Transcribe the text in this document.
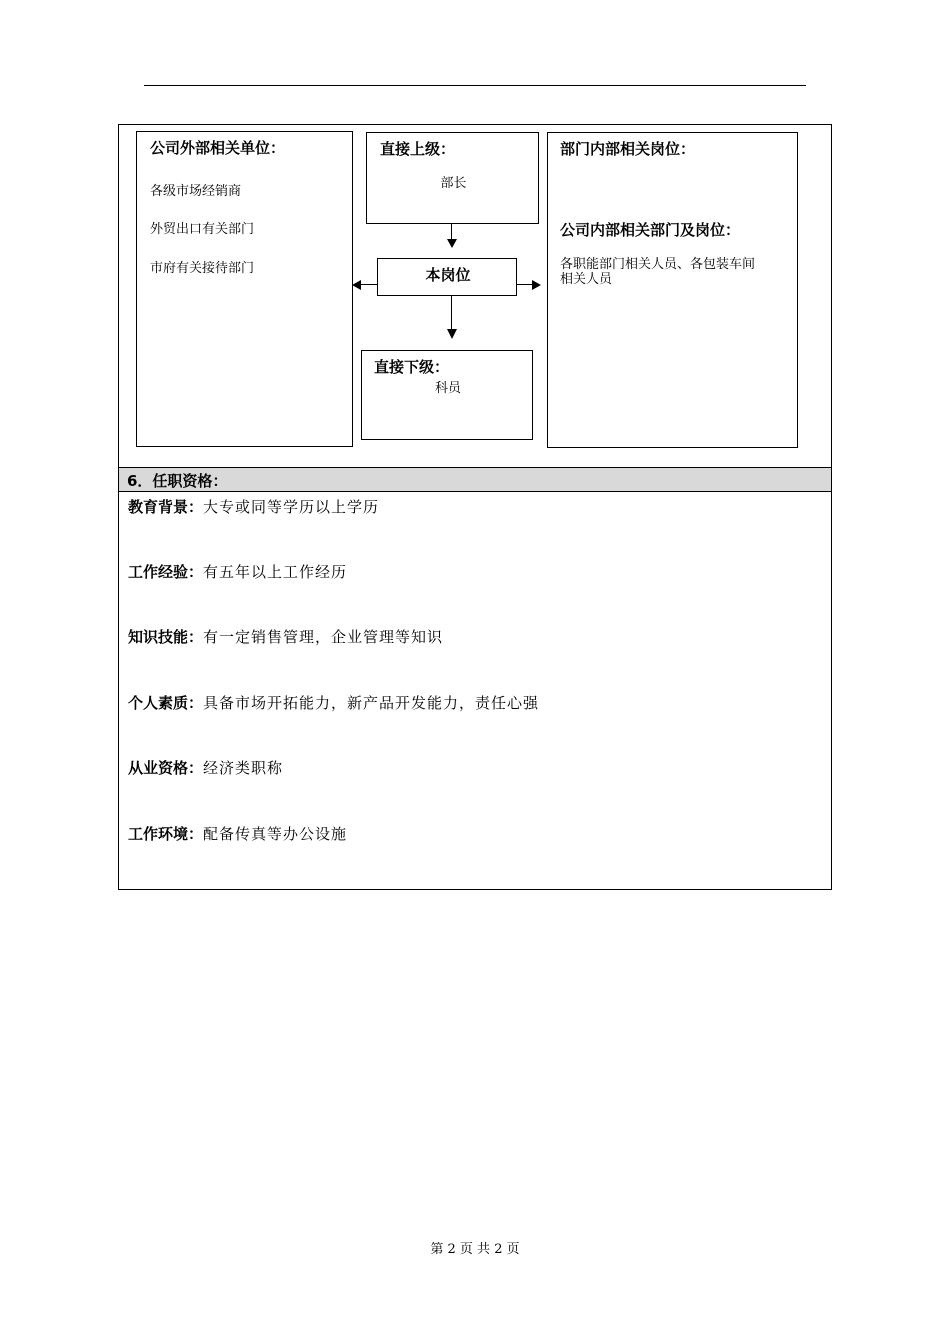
公司外部相关单位：
各级市场经销商
外贸出口有关部门
市府有关接待部门
直接上级：
部长
本岗位
直接下级：
科员
部门内部相关岗位：
公司内部相关部门及岗位：
各职能部门相关人员、各包装车间
相关人员
6．任职资格：
教育背景：大专或同等学历以上学历
工作经验：有五年以上工作经历
知识技能：有一定销售管理，企业管理等知识
个人素质：具备市场开拓能力，新产品开发能力，责任心强
从业资格：经济类职称
工作环境：配备传真等办公设施
第 2 页 共 2 页
